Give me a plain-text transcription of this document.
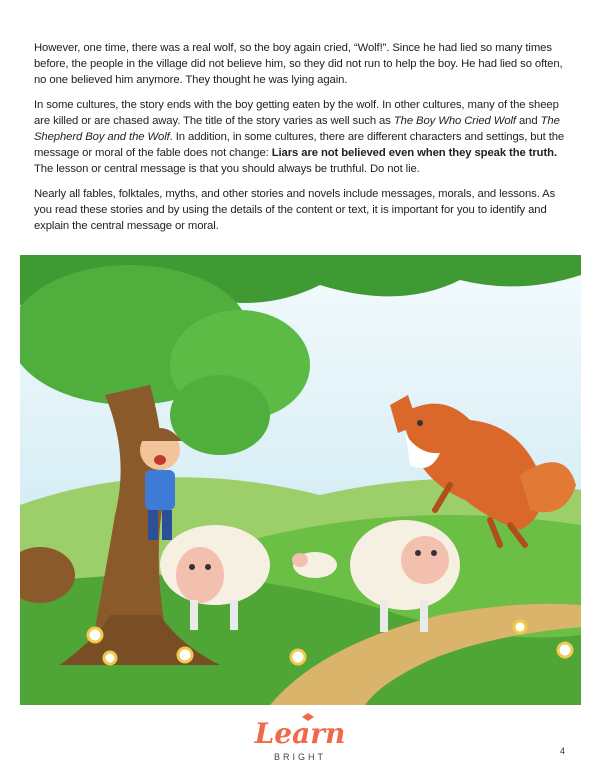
However, one time, there was a real wolf, so the boy again cried, “Wolf!”. Since he had lied so many times before, the people in the village did not believe him, so they did not run to help the boy. He had lied so often, no one believed him anymore. They thought he was lying again.

In some cultures, the story ends with the boy getting eaten by the wolf. In other cultures, many of the sheep are killed or are chased away. The title of the story varies as well such as The Boy Who Cried Wolf and The Shepherd Boy and the Wolf. In addition, in some cultures, there are different characters and settings, but the message or moral of the fable does not change: Liars are not believed even when they speak the truth. The lesson or central message is that you should always be truthful. Do not lie.

Nearly all fables, folktales, myths, and other stories and novels include messages, morals, and lessons. As you read these stories and by using the details of the content or text, it is important for you to identify and explain the central message or moral.

Learn
BRIGHT
4
